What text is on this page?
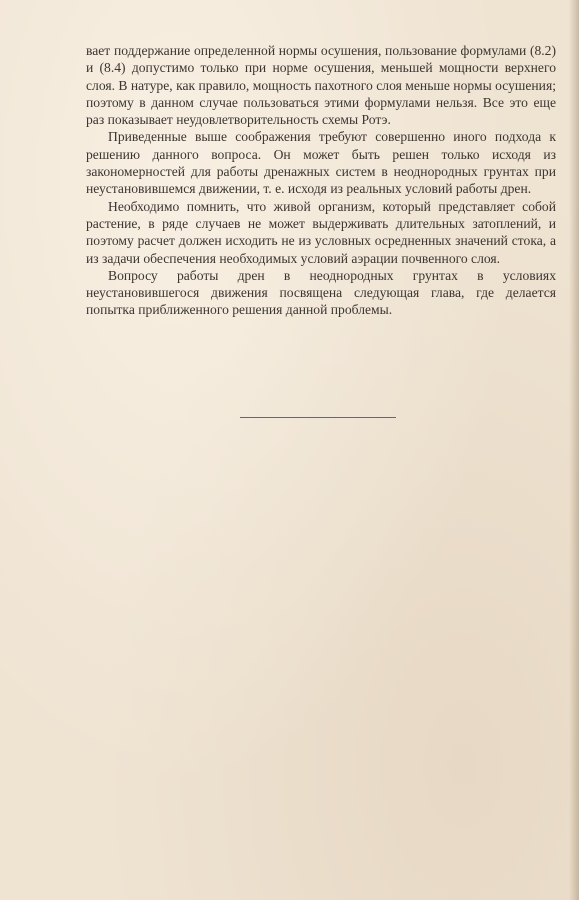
вает поддержание определенной нормы осушения, пользование формулами (8.2) и (8.4) допустимо только при норме осушения, меньшей мощности верхнего слоя. В натуре, как правило, мощность пахотного слоя меньше нормы осушения; поэтому в данном случае пользоваться этими формулами нельзя. Все это еще раз показывает неудовлетворительность схемы Ротэ.

Приведенные выше соображения требуют совершенно иного подхода к решению данного вопроса. Он может быть решен только исходя из закономерностей для работы дренажных систем в неоднородных грунтах при неустановившемся движении, т. е. исходя из реальных условий работы дрен.

Необходимо помнить, что живой организм, который представляет собой растение, в ряде случаев не может выдерживать длительных затоплений, и поэтому расчет должен исходить не из условных осредненных значений стока, а из задачи обеспечения необходимых условий аэрации почвенного слоя.

Вопросу работы дрен в неоднородных грунтах в условиях неустановившегося движения посвящена следующая глава, где делается попытка приближенного решения данной проблемы.
